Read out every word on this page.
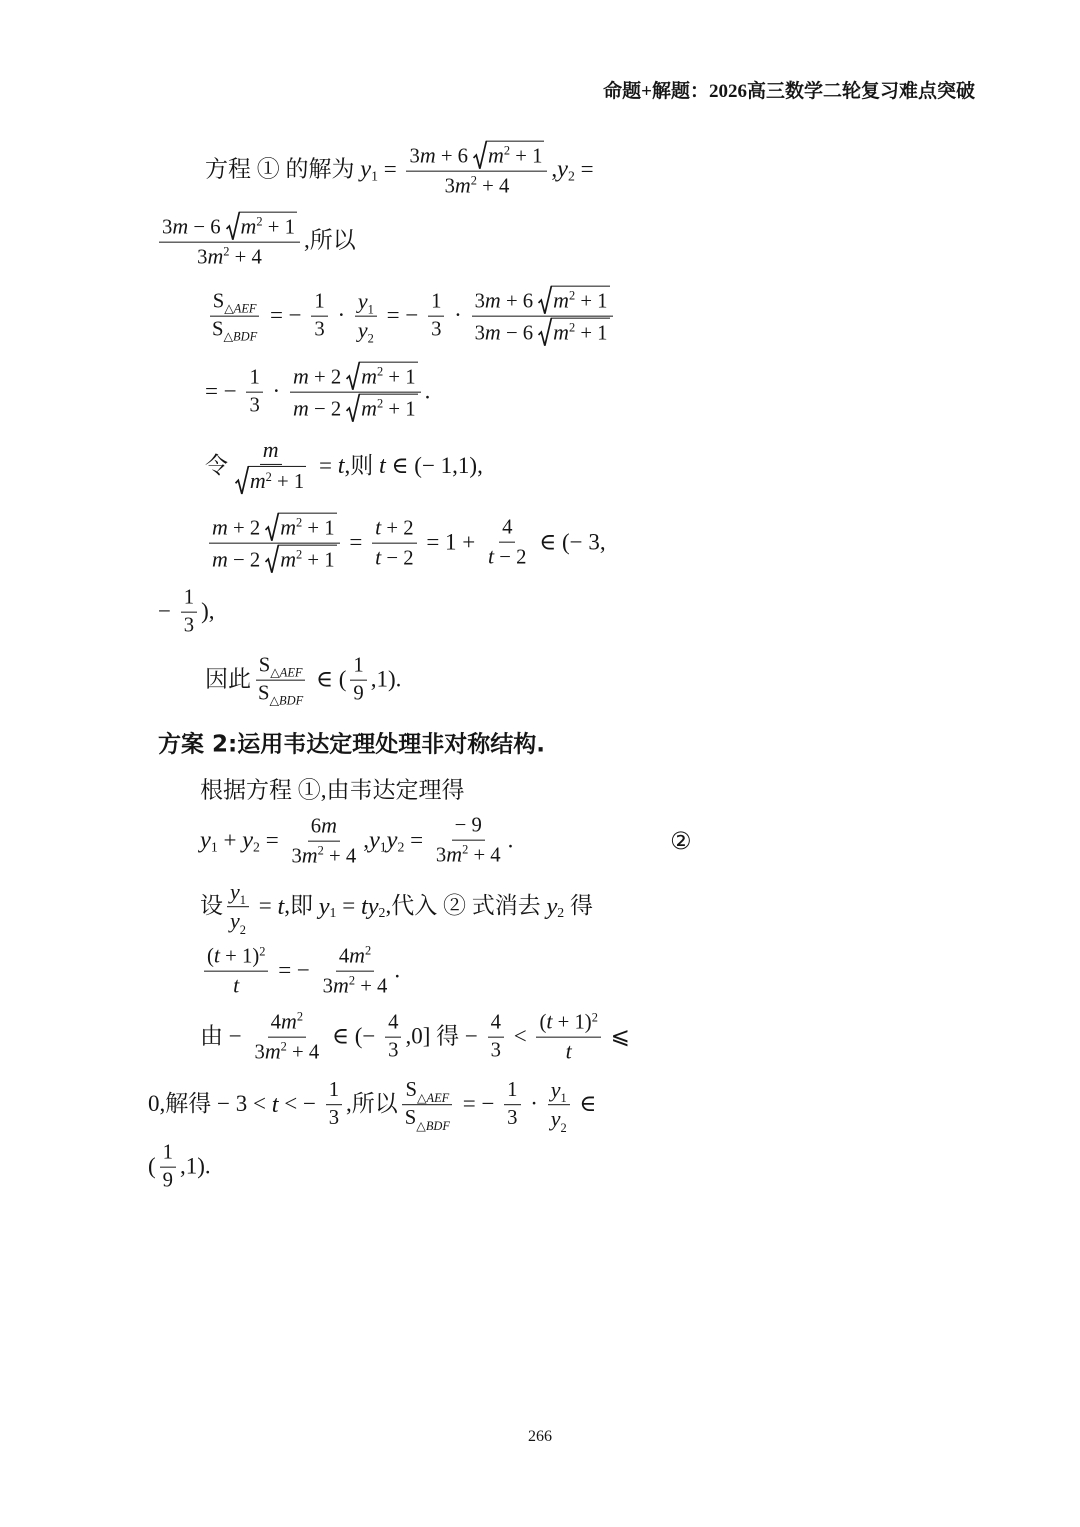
命题+解题：2026高三数学二轮复习难点突破
方程 ① 的解为 y $1 = \frac{3 m + 6 m 2 + 1}{3 m 2 + 4}$ , y 2 =
$\frac{3 m - 6 m 2 + 1}{3 m 2 + 4}$ ,所以
$\frac{\text{S △AEF}}{\text{S △BDF}}$ = − $\frac{1}{3} \cdot \frac{y 1}{y 2}$ = − $\frac{1}{3} \cdot \frac{3 m + 6 m 2 + 1}{3 m - 6 m 2 + 1}$
= − $\frac{1}{3} \cdot \frac{m + 2 m 2 + 1}{m - 2 m 2 + 1}$ .
令 $\frac{m}{m 2 + 1} = t$ ,则 t ∈ (− 1,1),
$\frac{m + 2 m 2 + 1}{m - 2 m 2 + 1} = \frac{t + 2}{t - 2} = 1 + \frac{4}{t - 2}$ ∈ (− 3,
− $\frac{1}{3}$ ),
因此 $\frac{\text{S △AEF}}{\text{S △BDF}}$ ∈ ( $\frac{1}{9} ,1$).
方案 2:运用韦达定理处理非对称结构.
根据方程 ①,由韦达定理得
y 1 + y $2 = \frac{6 m}{3 m 2 + 4}$ , y 1 y $2 = \frac{- 9}{3 m 2 + 4}$ .	②
设 $\frac{y 1}{y 2} = t$ ,即 y 1 = t y 2 ,代入 ② 式消去 y 2 得
$\frac{( t + 1) 2}{t}$ = − $\frac{4 m 2}{3 m 2 + 4}$ .
由 − $\frac{4 m 2}{3 m 2 + 4}$ ∈ (− $\frac{4}{3} ,0$] 得 − $\frac{4}{3} < \frac{( t + 1) 2}{t}$ ⩽
0,解得 − 3 < t < − $\frac{1}{3}$ ,所以 $\frac{\text{S △AEF}}{\text{S △BDF}}$ = − $\frac{1}{3} \cdot \frac{y 1}{y 2}$ ∈
( $\frac{1}{9} ,1$).
266
